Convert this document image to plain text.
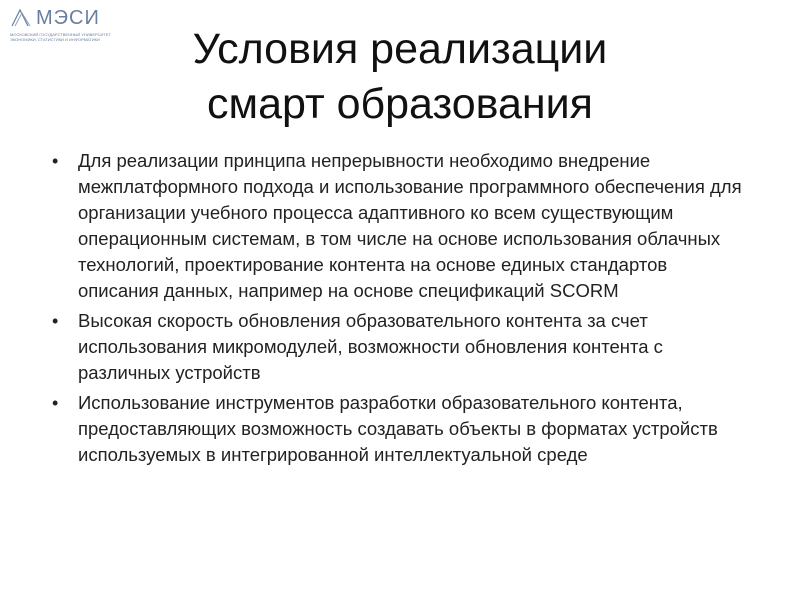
МЭСИ
МОСКОВСКИЙ ГОСУДАРСТВЕННЫЙ УНИВЕРСИТЕТ ЭКОНОМИКИ, СТАТИСТИКИ И ИНФОРМАТИКИ	Условия реализации
смарт образования
• Для реализации принципа непрерывности необходимо внедрение межплатформного подхода и использование программного обеспечения для организации учебного процесса адаптивного ко всем существующим операционным системам, в том числе на основе использования облачных технологий, проектирование контента на основе единых стандартов описания данных, например на основе спецификаций SCORM
• Высокая скорость обновления образовательного контента за счет использования микромодулей, возможности обновления контента с различных устройств
• Использование инструментов разработки образовательного контента, предоставляющих возможность создавать объекты в форматах устройств используемых в интегрированной интеллектуальной среде
